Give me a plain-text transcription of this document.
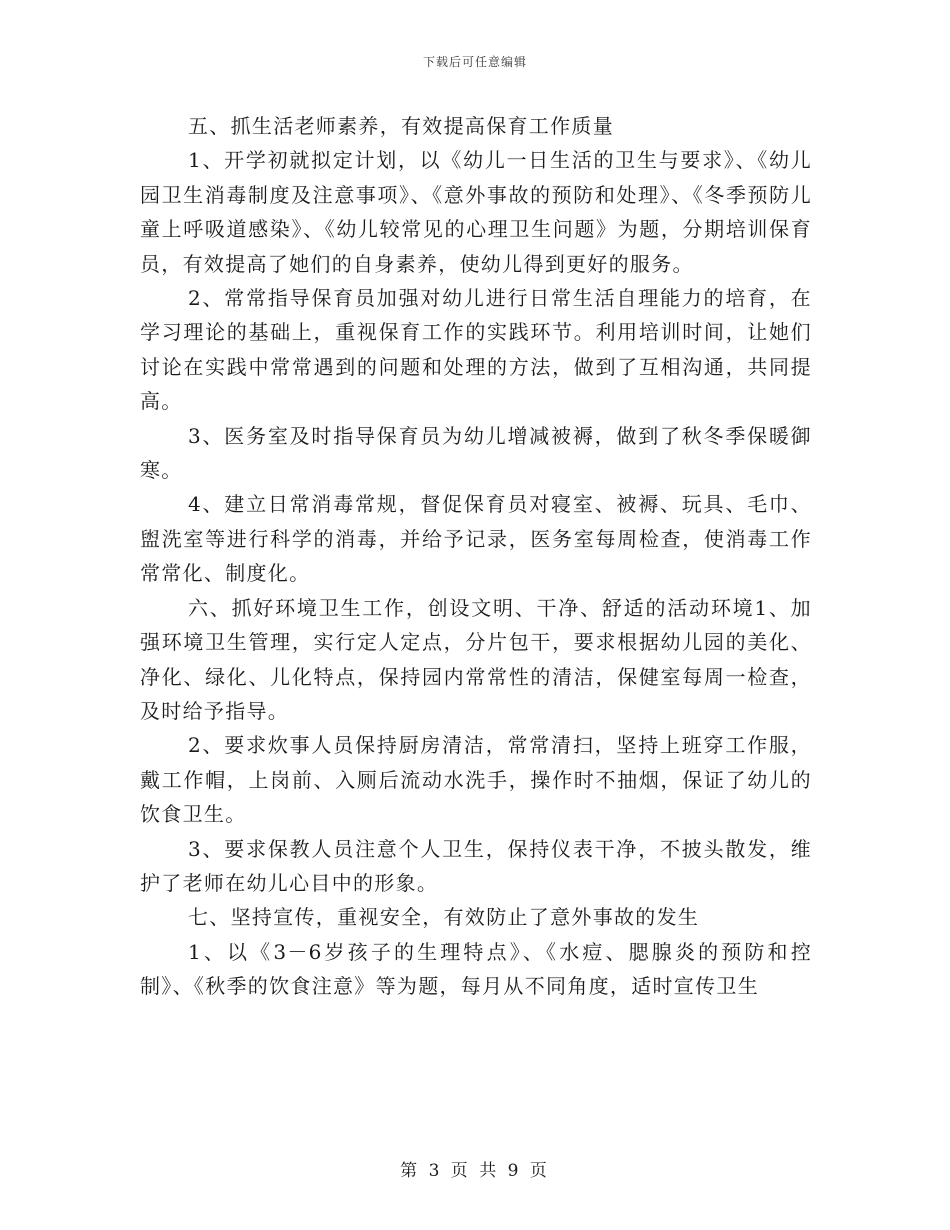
下载后可任意编辑

五、抓生活老师素养，有效提高保育工作质量

1、开学初就拟定计划，以《幼儿一日生活的卫生与要求》、《幼儿园卫生消毒制度及注意事项》、《意外事故的预防和处理》、《冬季预防儿童上呼吸道感染》、《幼儿较常见的心理卫生问题》为题，分期培训保育员，有效提高了她们的自身素养，使幼儿得到更好的服务。

2、常常指导保育员加强对幼儿进行日常生活自理能力的培育，在学习理论的基础上，重视保育工作的实践环节。利用培训时间，让她们讨论在实践中常常遇到的问题和处理的方法，做到了互相沟通，共同提高。

3、医务室及时指导保育员为幼儿增减被褥，做到了秋冬季保暖御寒。

4、建立日常消毒常规，督促保育员对寝室、被褥、玩具、毛巾、盥洗室等进行科学的消毒，并给予记录，医务室每周检查，使消毒工作常常化、制度化。

六、抓好环境卫生工作，创设文明、干净、舒适的活动环境1、加强环境卫生管理，实行定人定点，分片包干，要求根据幼儿园的美化、净化、绿化、儿化特点，保持园内常常性的清洁，保健室每周一检查，及时给予指导。

2、要求炊事人员保持厨房清洁，常常清扫，坚持上班穿工作服，戴工作帽，上岗前、入厕后流动水洗手，操作时不抽烟，保证了幼儿的饮食卫生。

3、要求保教人员注意个人卫生，保持仪表干净，不披头散发，维护了老师在幼儿心目中的形象。

七、坚持宣传，重视安全，有效防止了意外事故的发生

1、以《3－6岁孩子的生理特点》、《水痘、腮腺炎的预防和控制》、《秋季的饮食注意》等为题，每月从不同角度，适时宣传卫生

第 3 页 共 9 页
